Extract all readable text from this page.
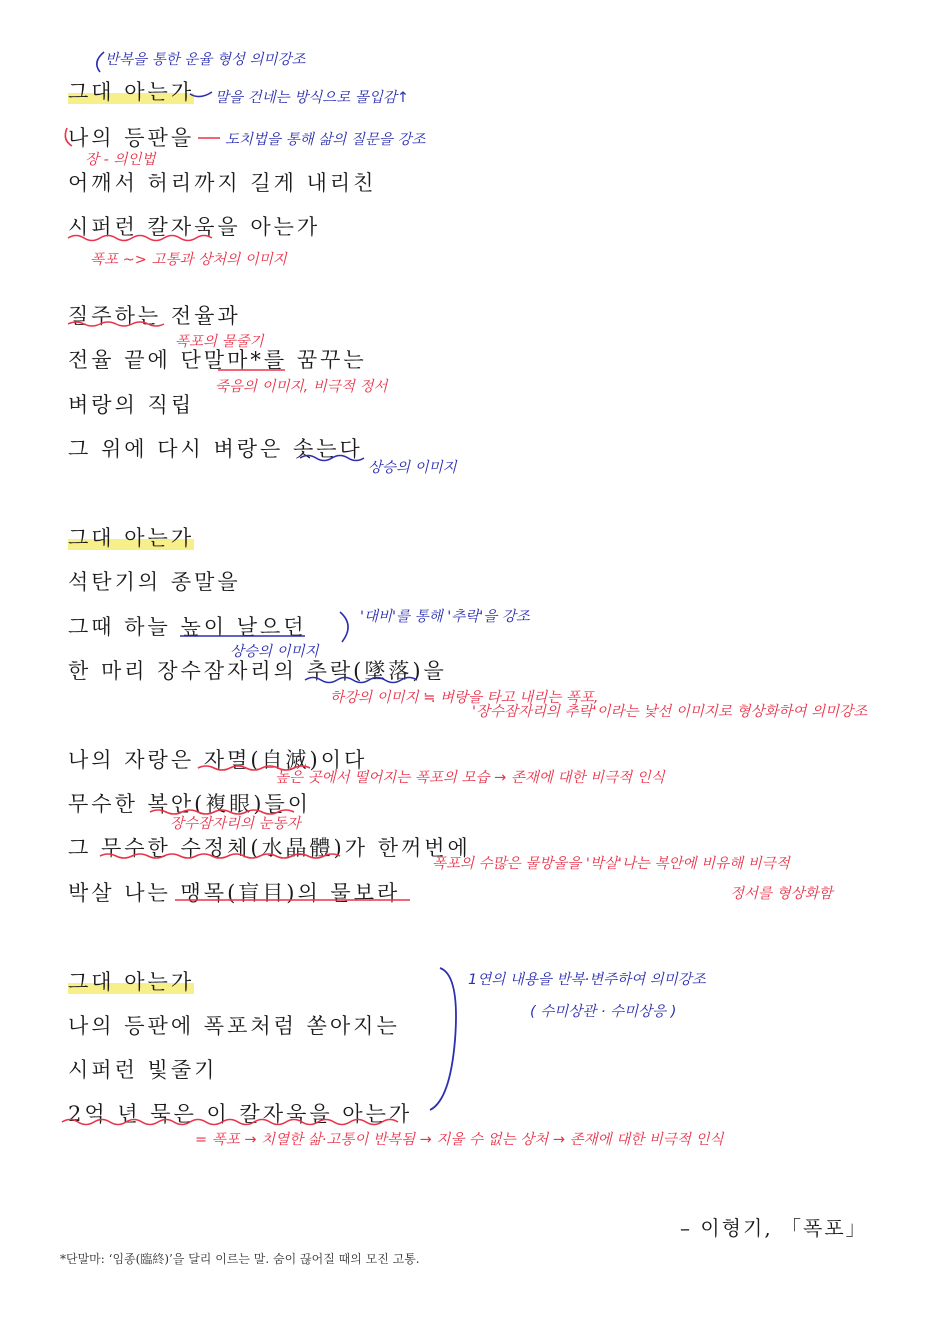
그대 아는가
나의 등판을
어깨서 허리까지 길게 내리친
시퍼런 칼자욱을 아는가
질주하는 전율과
전율 끝에 단말마*를 꿈꾸는
벼랑의 직립
그 위에 다시 벼랑은 솟는다
그대 아는가
석탄기의 종말을
그때 하늘 높이 날으던
한 마리 장수잠자리의 추락(墜落)을
나의 자랑은 자멸(自滅)이다
무수한 복안(複眼)들이
그 무수한 수정체(水晶體)가 한꺼번에
박살 나는 맹목(盲目)의 물보라
그대 아는가
나의 등판에 폭포처럼 쏟아지는
시퍼런 빛줄기
2억 년 묵은 이 칼자욱을 아는가
반복을 통한 운율 형성 의미강조
말을 건네는 방식으로 몰입감↑
도치법을 통해 삶의 질문을 강조
장 - 의인법
폭포 ~> 고통과 상처의 이미지
폭포의 물줄기
죽음의 이미지, 비극적 정서
상승의 이미지
'대비'를 통해 '추락'을 강조
상승의 이미지
하강의 이미지 ≒ 벼랑을 타고 내리는 폭포,
'장수잠자리의 추락'이라는 낯선 이미지로 형상화하여 의미강조
높은 곳에서 떨어지는 폭포의 모습 → 존재에 대한 비극적 인식
장수잠자리의 눈동자
폭포의 수많은 물방울을 '박살'나는 복안에 비유해 비극적
정서를 형상화함
1연의 내용을 반복·변주하여 의미강조
( 수미상관 · 수미상응 )
= 폭포 → 치열한 삶·고통이 반복됨 → 지울 수 없는 상처 → 존재에 대한 비극적 인식
– 이형기, 「폭포」
*단말마: ‘임종(臨終)’을 달리 이르는 말. 숨이 끊어질 때의 모진 고통.
